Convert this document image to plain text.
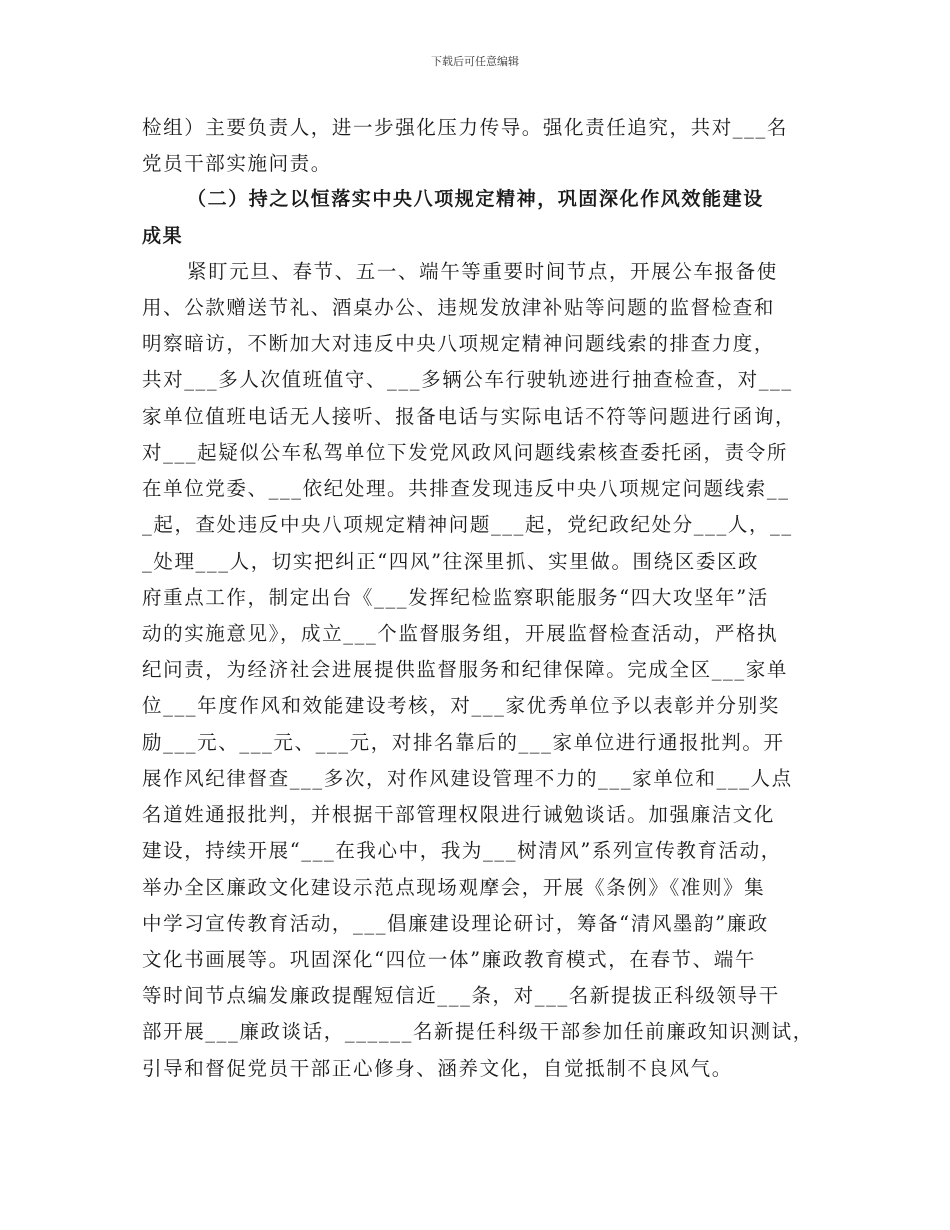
下载后可任意编辑
检组）主要负责人，进一步强化压力传导。强化责任追究，共对___名
党员干部实施问责。
（二）持之以恒落实中央八项规定精神，巩固深化作风效能建设
成果
紧盯元旦、春节、五一、端午等重要时间节点，开展公车报备使
用、公款赠送节礼、酒桌办公、违规发放津补贴等问题的监督检查和
明察暗访，不断加大对违反中央八项规定精神问题线索的排查力度，
共对___多人次值班值守、___多辆公车行驶轨迹进行抽查检查，对___
家单位值班电话无人接听、报备电话与实际电话不符等问题进行函询，
对___起疑似公车私驾单位下发党风政风问题线索核查委托函，责令所
在单位党委、___依纪处理。共排查发现违反中央八项规定问题线索__
_起，查处违反中央八项规定精神问题___起，党纪政纪处分___人，__
_处理___人，切实把纠正“四风”往深里抓、实里做。围绕区委区政
府重点工作，制定出台《___发挥纪检监察职能服务“四大攻坚年”活
动的实施意见》，成立___个监督服务组，开展监督检查活动，严格执
纪问责，为经济社会进展提供监督服务和纪律保障。完成全区___家单
位___年度作风和效能建设考核，对___家优秀单位予以表彰并分别奖
励___元、___元、___元，对排名靠后的___家单位进行通报批判。开
展作风纪律督查___多次，对作风建设管理不力的___家单位和___人点
名道姓通报批判，并根据干部管理权限进行诫勉谈话。加强廉洁文化
建设，持续开展“___在我心中，我为___树清风”系列宣传教育活动，
举办全区廉政文化建设示范点现场观摩会，开展《条例》《准则》集
中学习宣传教育活动，___倡廉建设理论研讨，筹备“清风墨韵”廉政
文化书画展等。巩固深化“四位一体”廉政教育模式，在春节、端午
等时间节点编发廉政提醒短信近___条，对___名新提拔正科级领导干
部开展___廉政谈话，______名新提任科级干部参加任前廉政知识测试，
引导和督促党员干部正心修身、涵养文化，自觉抵制不良风气。
